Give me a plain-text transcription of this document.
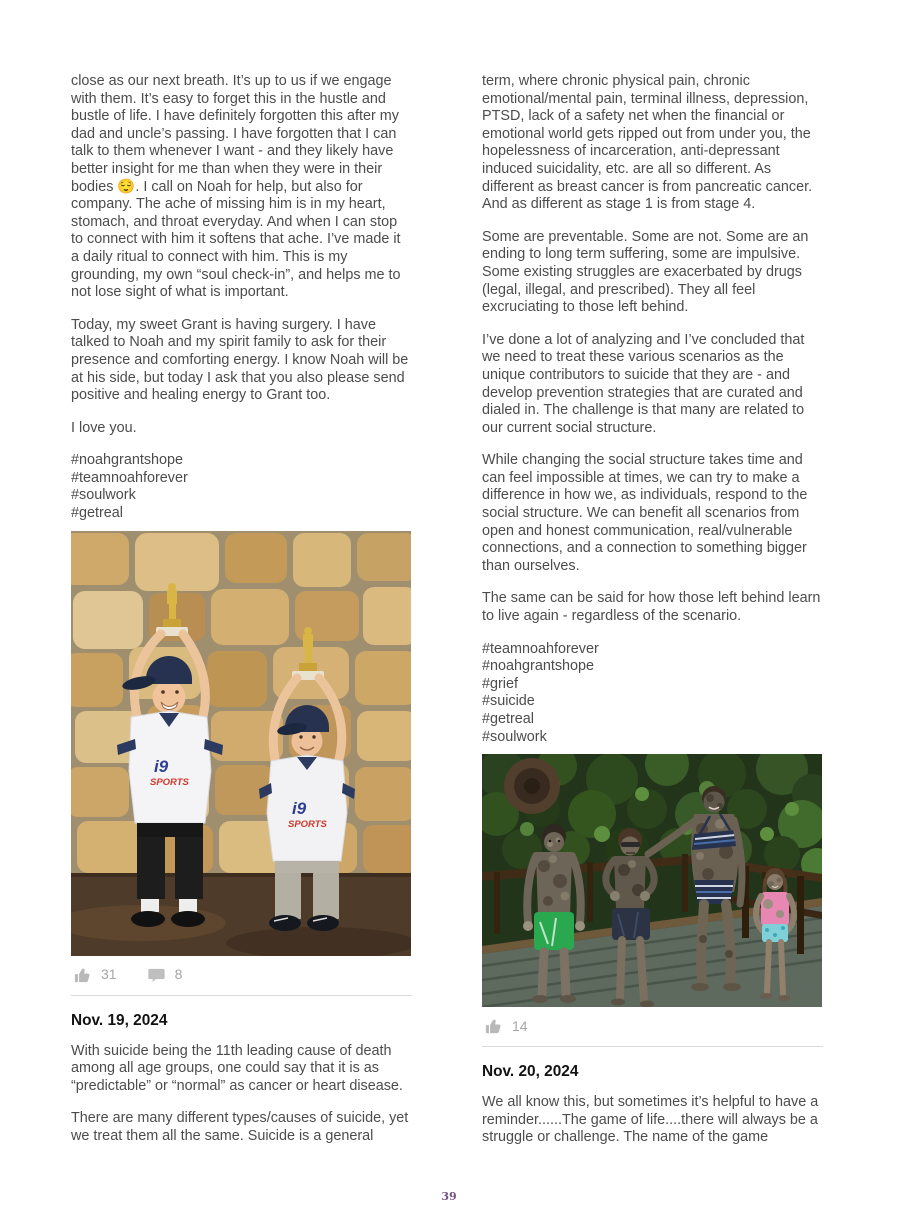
close as our next breath. It’s up to us if we engage with them. It’s easy to forget this in the hustle and bustle of life. I have definitely forgotten this after my dad and uncle’s passing. I have forgotten that I can talk to them whenever I want - and they likely have better insight for me than when they were in their bodies 😌. I call on Noah for help, but also for company. The ache of missing him is in my heart, stomach, and throat everyday. And when I can stop to connect with him it softens that ache. I’ve made it a daily ritual to connect with him. This is my grounding, my own “soul check-in”, and helps me to not lose sight of what is important.

Today, my sweet Grant is having surgery. I have talked to Noah and my spirit family to ask for their presence and comforting energy. I know Noah will be at his side, but today I ask that you also please send positive and healing energy to Grant too.

I love you.

#noahgrantshope
#teamnoahforever
#soulwork
#getreal
i9
SPORTS
i9
SPORTS
31	8
Nov. 19, 2024

With suicide being the 11th leading cause of death among all age groups, one could say that it is as “predictable” or “normal” as cancer or heart disease.

There are many different types/causes of suicide, yet we treat them all the same. Suicide is a general

term, where chronic physical pain, chronic emotional/mental pain, terminal illness, depression, PTSD, lack of a safety net when the financial or emotional world gets ripped out from under you, the hopelessness of incarceration, anti-depressant induced suicidality, etc. are all so different. As different as breast cancer is from pancreatic cancer. And as different as stage 1 is from stage 4.

Some are preventable. Some are not. Some are an ending to long term suffering, some are impulsive. Some existing struggles are exacerbated by drugs (legal, illegal, and prescribed). They all feel excruciating to those left behind.

I’ve done a lot of analyzing and I’ve concluded that we need to treat these various scenarios as the unique contributors to suicide that they are - and develop prevention strategies that are curated and dialed in. The challenge is that many are related to our current social structure.

While changing the social structure takes time and can feel impossible at times, we can try to make a difference in how we, as individuals, respond to the social structure. We can benefit all scenarios from open and honest communication, real/vulnerable connections, and a connection to something bigger than ourselves.

The same can be said for how those left behind learn to live again - regardless of the scenario.

#teamnoahforever
#noahgrantshope
#grief
#suicide
#getreal
#soulwork
14
Nov. 20, 2024

We all know this, but sometimes it’s helpful to have a reminder......The game of life....there will always be a struggle or challenge. The name of the game

39
